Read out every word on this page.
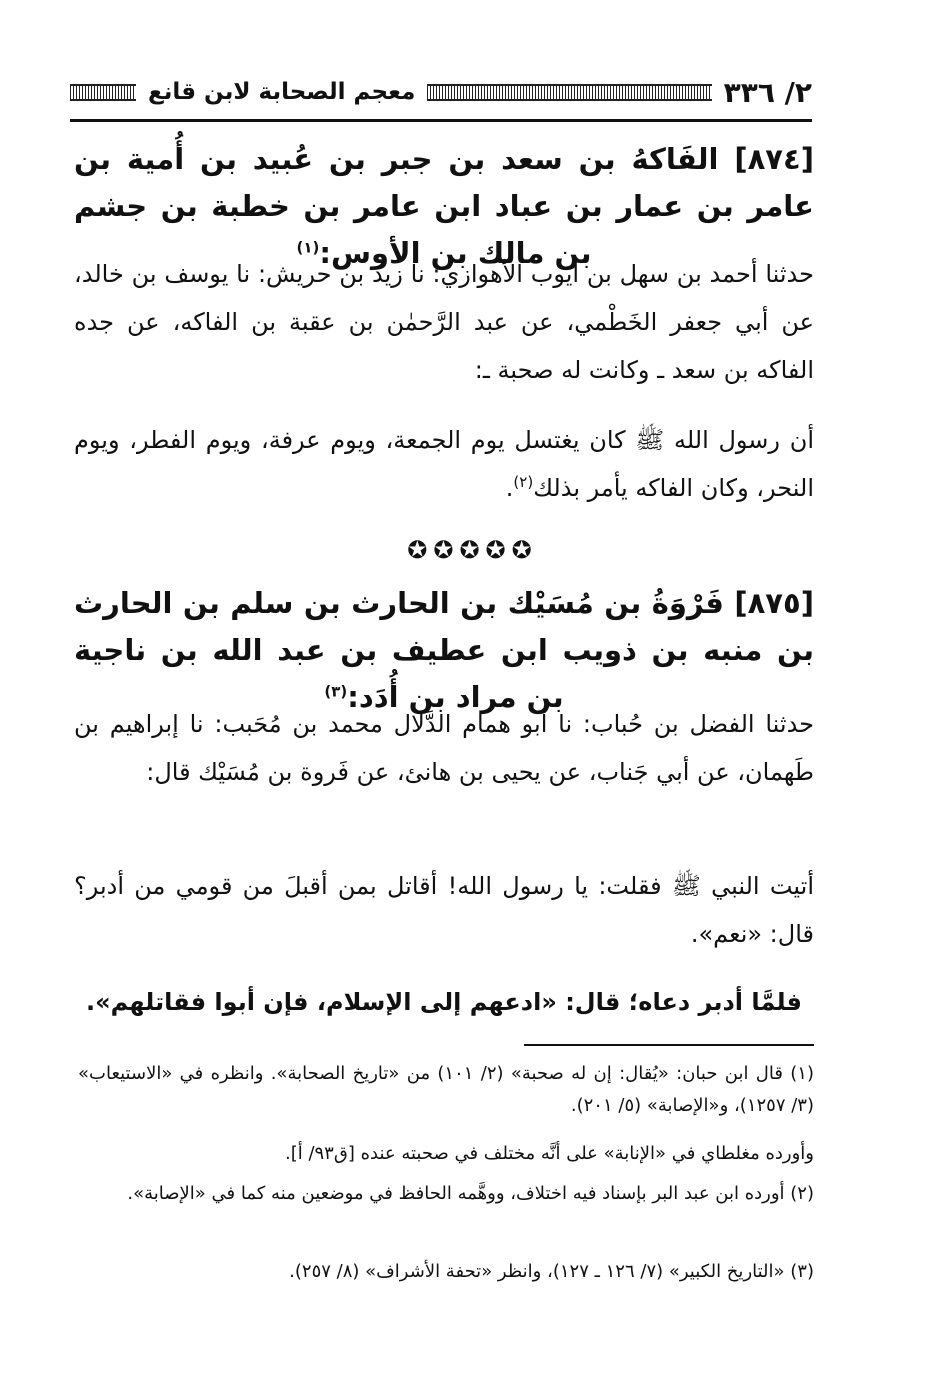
٢/ ٣٣٦
معجم الصحابة لابن قانع
[٨٧٤] الفَاكهُ بن سعد بن جبر بن عُبيد بن أُمية بن عامر بن عمار بن عباد ابن عامر بن خطبة بن جشم بن مالك بن الأوس:$^{(١)}$
حدثنا أحمد بن سهل بن أيوب الأهوازي: نا زيد بن حريش: نا يوسف بن خالد، عن أبي جعفر الخَطْمي، عن عبد الرَّحمٰن بن عقبة بن الفاكه، عن جده الفاكه بن سعد ـ وكانت له صحبة ـ:
أن رسول الله ﷺ كان يغتسل يوم الجمعة، ويوم عرفة، ويوم الفطر، ويوم النحر، وكان الفاكه يأمر بذلك$^{(٢)}$.
✪✪✪✪✪
[٨٧٥] فَرْوَةُ بن مُسَيْك بن الحارث بن سلم بن الحارث بن منبه بن ذويب ابن عطيف بن عبد الله بن ناجية بن مراد بن أُدَد:$^{(٣)}$
حدثنا الفضل بن حُباب: نا أبو همام الدَّلال محمد بن مُحَبب: نا إبراهيم بن طَهمان، عن أبي جَناب، عن يحيى بن هانئ، عن فَروة بن مُسَيْك قال:
أتيت النبي ﷺ فقلت: يا رسول الله! أقاتل بمن أقبلَ من قومي من أدبر؟ قال: «نعم».
فلمَّا أدبر دعاه؛ قال: «ادعهم إلى الإسلام، فإن أبوا فقاتلهم».
(١) قال ابن حبان: «يُقال: إن له صحبة» (٢/ ١٠١) من «تاريخ الصحابة». وانظره في «الاستيعاب» (٣/ ١٢٥٧)، و«الإصابة» (٥/ ٢٠١).
وأورده مغلطاي في «الإنابة» على أنَّه مختلف في صحبته عنده [ق٩٣/ أ].
(٢) أورده ابن عبد البر بإسناد فيه اختلاف، ووهَّمه الحافظ في موضعين منه كما في «الإصابة».
(٣) «التاريخ الكبير» (٧/ ١٢٦ ـ ١٢٧)، وانظر «تحفة الأشراف» (٨/ ٢٥٧).
